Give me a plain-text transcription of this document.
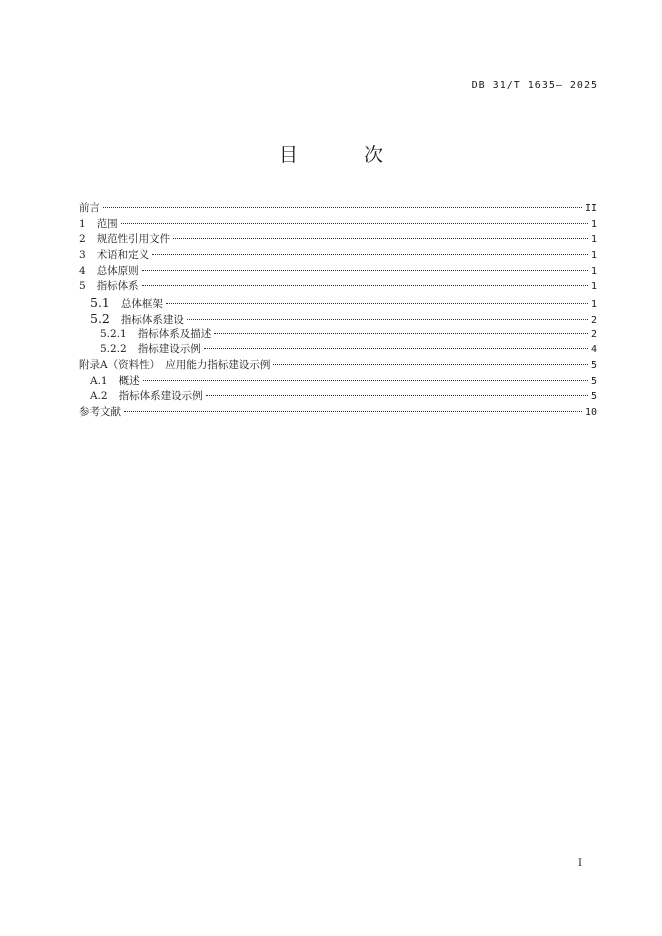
DB 31/T 1635— 2025
目 次
前言	II
1 范围	1
2 规范性引用文件	1
3 术语和定义	1
4 总体原则	1
5 指标体系	1
5.1 总体框架	1
5.2 指标体系建设	2
5.2.1 指标体系及描述	2
5.2.2 指标建设示例	4
附录A（资料性）　应用能力指标建设示例	5
A.1 概述	5
A.2 指标体系建设示例	5
参考文献	10
I
